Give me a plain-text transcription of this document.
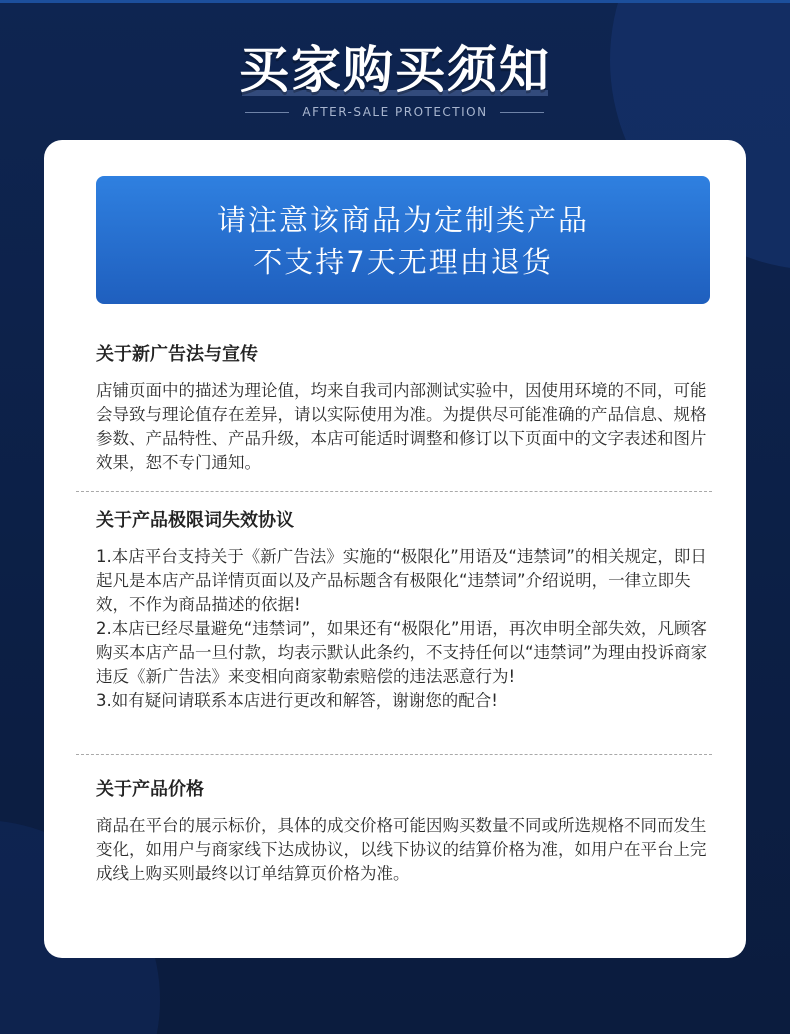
买家购买须知
AFTER-SALE PROTECTION
请注意该商品为定制类产品
不支持7天无理由退货
关于新广告法与宣传

店铺页面中的描述为理论值，均来自我司内部测试实验中，因使用环境的不同，可能会导致与理论值存在差异，请以实际使用为准。为提供尽可能准确的产品信息、规格参数、产品特性、产品升级，本店可能适时调整和修订以下页面中的文字表述和图片效果，恕不专门通知。

关于产品极限词失效协议

1.本店平台支持关于《新广告法》实施的“极限化”用语及“违禁词”的相关规定，即日起凡是本店产品详情页面以及产品标题含有极限化“违禁词”介绍说明，一律立即失效，不作为商品描述的依据!

2.本店已经尽量避免“违禁词”，如果还有“极限化”用语，再次申明全部失效，凡顾客购买本店产品一旦付款，均表示默认此条约，不支持任何以“违禁词”为理由投诉商家违反《新广告法》来变相向商家勒索赔偿的违法恶意行为!

3.如有疑问请联系本店进行更改和解答，谢谢您的配合!

关于产品价格

商品在平台的展示标价，具体的成交价格可能因购买数量不同或所选规格不同而发生变化，如用户与商家线下达成协议，以线下协议的结算价格为准，如用户在平台上完成线上购买则最终以订单结算页价格为准。
